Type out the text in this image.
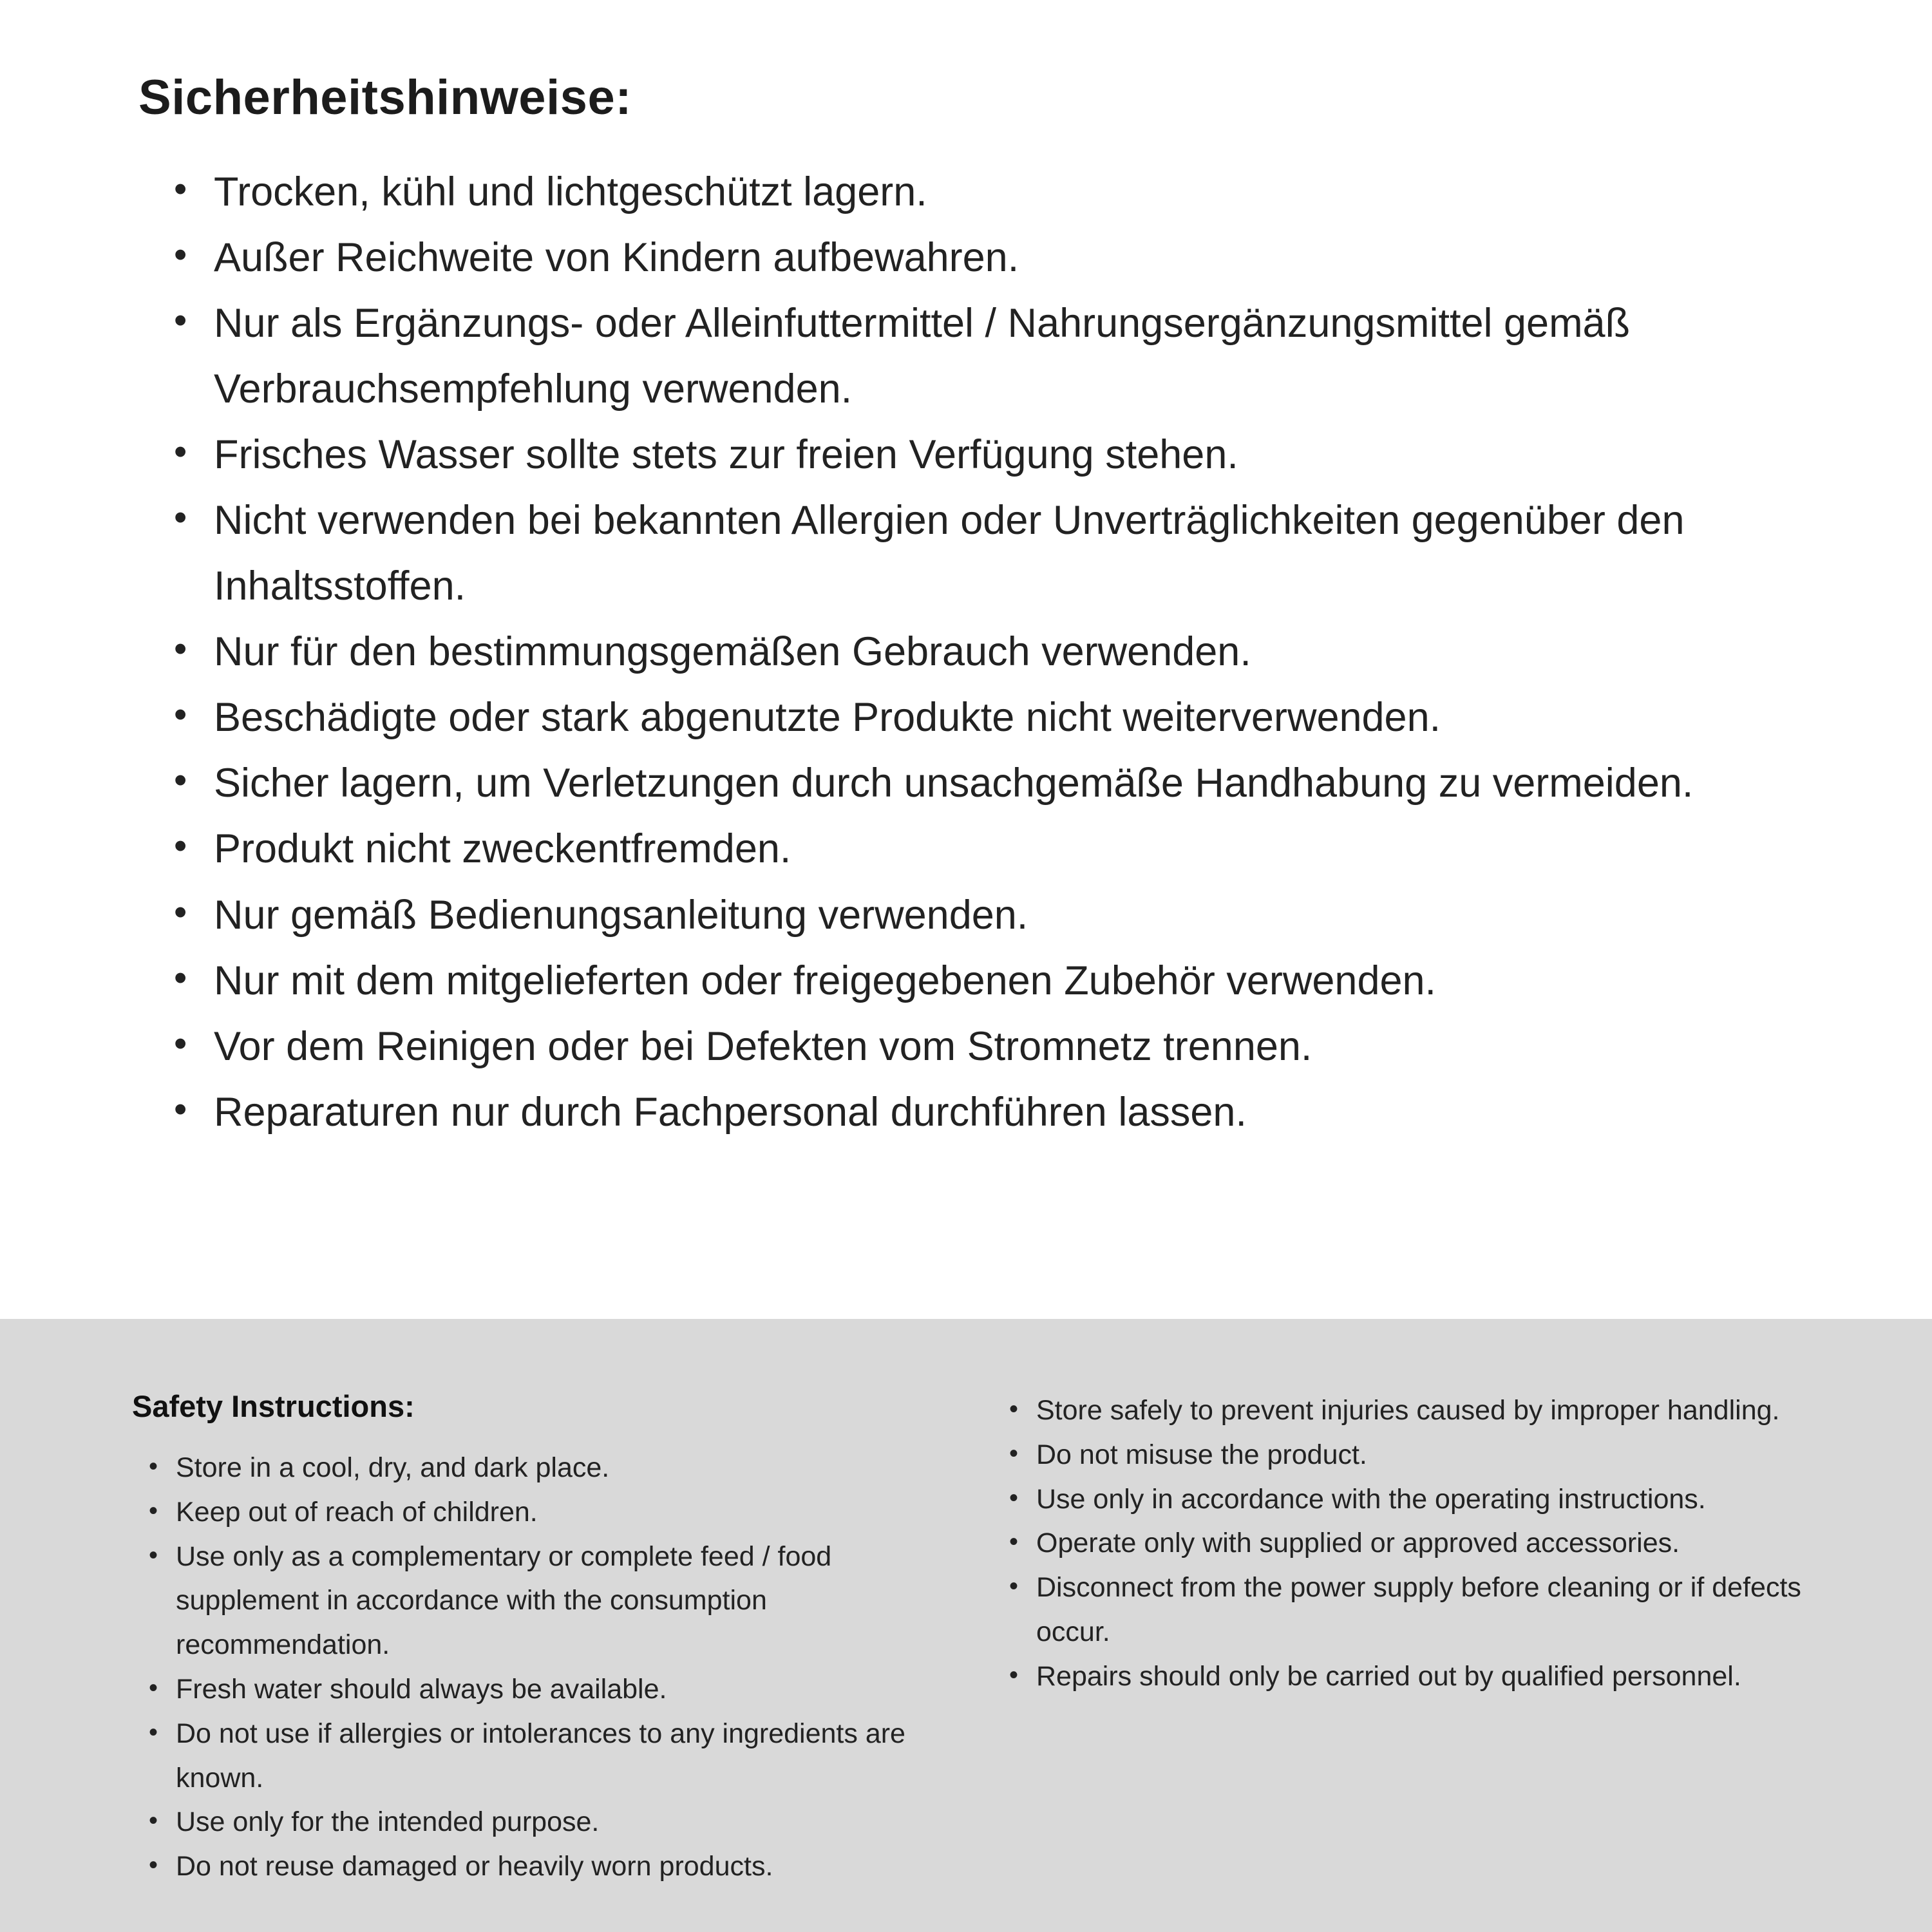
Sicherheitshinweise:
• Trocken, kühl und lichtgeschützt lagern.
• Außer Reichweite von Kindern aufbewahren.
• Nur als Ergänzungs- oder Alleinfuttermittel / Nahrungsergänzungsmittel gemäß Verbrauchsempfehlung verwenden.
• Frisches Wasser sollte stets zur freien Verfügung stehen.
• Nicht verwenden bei bekannten Allergien oder Unverträglichkeiten gegenüber den Inhaltsstoffen.
• Nur für den bestimmungsgemäßen Gebrauch verwenden.
• Beschädigte oder stark abgenutzte Produkte nicht weiterverwenden.
• Sicher lagern, um Verletzungen durch unsachgemäße Handhabung zu vermeiden.
• Produkt nicht zweckentfremden.
• Nur gemäß Bedienungsanleitung verwenden.
• Nur mit dem mitgelieferten oder freigegebenen Zubehör verwenden.
• Vor dem Reinigen oder bei Defekten vom Stromnetz trennen.
• Reparaturen nur durch Fachpersonal durchführen lassen.
Safety Instructions:
• Store in a cool, dry, and dark place.
• Keep out of reach of children.
• Use only as a complementary or complete feed / food supplement in accordance with the consumption recommendation.
• Fresh water should always be available.
• Do not use if allergies or intolerances to any ingredients are known.
• Use only for the intended purpose.
• Do not reuse damaged or heavily worn products.
• Store safely to prevent injuries caused by improper handling.
• Do not misuse the product.
• Use only in accordance with the operating instructions.
• Operate only with supplied or approved accessories.
• Disconnect from the power supply before cleaning or if defects occur.
• Repairs should only be carried out by qualified personnel.
